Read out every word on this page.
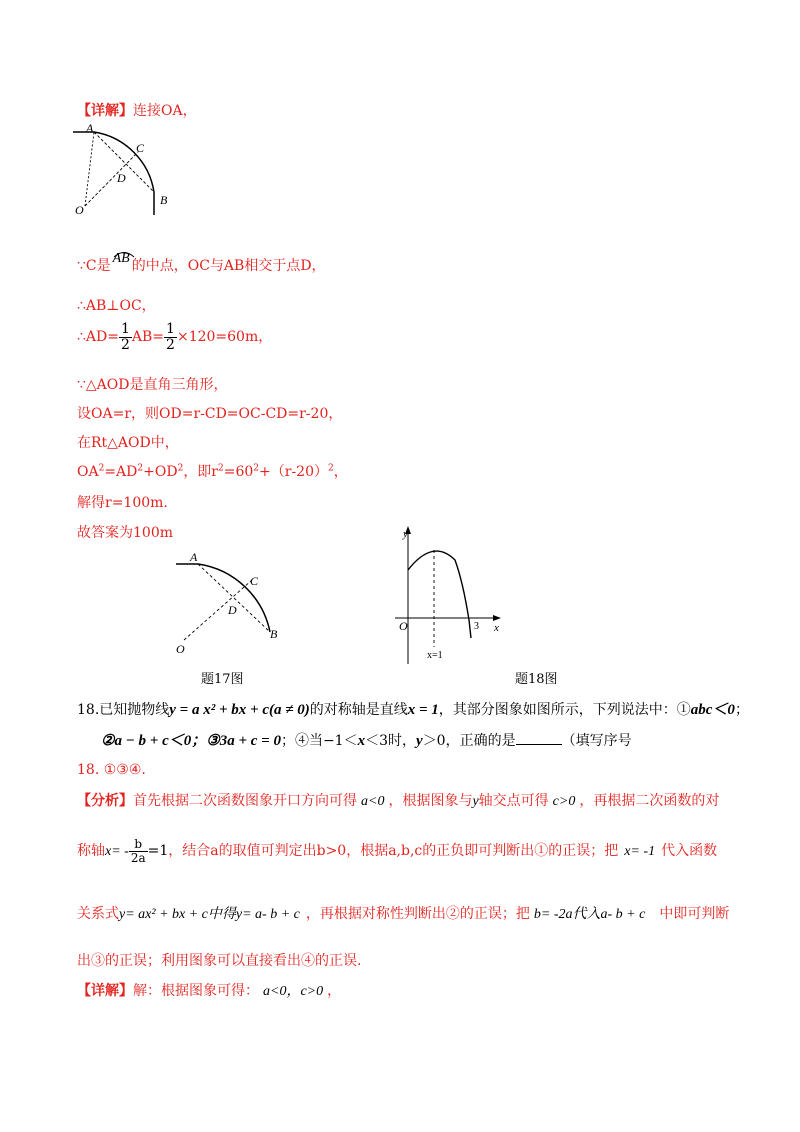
【详解】连接OA，
A
C
D
O
B
∵C是 AB 的中点，OC与AB相交于点D，
∴AB⊥OC，
∴AD= $\frac{1}{2} AB= \frac{1}{2} \times 120=60m$，
∵△AOD是直角三角形，
设OA=r，则OD=r-CD=OC-CD=r-20，
在Rt△AOD中，
$OA^2=AD^2+OD^2$，即$r^2=60^2+(r-20)^2$，
解得r=100m.
故答案为100m
A
C
D
O
B
题17图
y
x
O	3
x=1
题18图
18.已知抛物线y = a x² + bx + c(a ≠ 0)的对称轴是直线x = 1，其部分图象如图所示，下列说法中：①abc＜0；
②a − b + c＜0；③3a + c = 0；④当−1＜x＜3时，y＞0，正确的是	（填写序号
18. ①③④.
【分析】首先根据二次函数图象开口方向可得 a<0 ，根据图象与y轴交点可得 c>0 ，再根据二次函数的对
称轴$x= - \frac{b}{2a} =1$，结合a的取值可判定出b>0，根据a,b,c的正负即可判断出①的正误；把 x= -1 代入函数
关系式y= ax² + bx + c中得y= a- b + c ，再根据对称性判断出②的正误；把 b= -2a代入a- b + c 中即可判断
出③的正误；利用图象可以直接看出④的正误.
【详解】解：根据图象可得： a<0，c>0 ，
